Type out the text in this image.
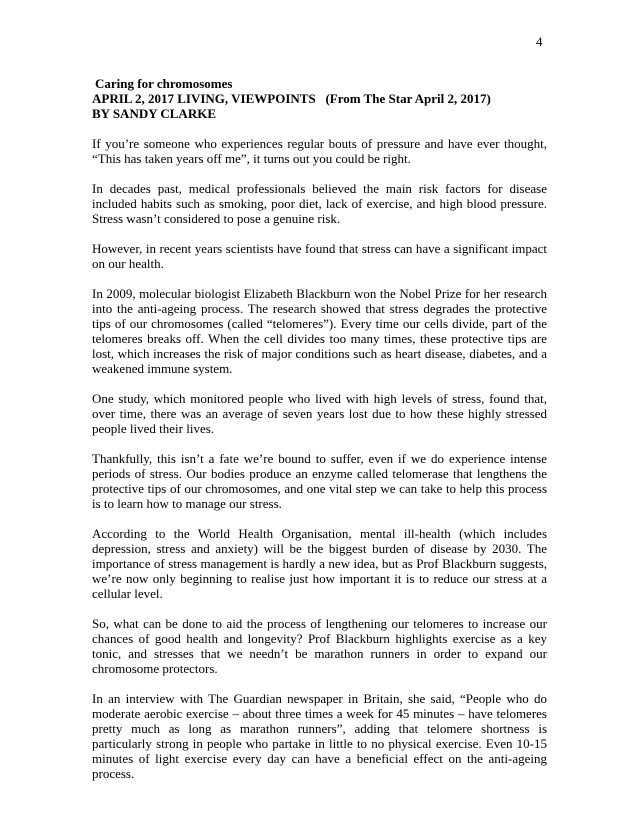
4

Caring for chromosomes

APRIL 2, 2017 LIVING, VIEWPOINTS   (From The Star April 2, 2017)

BY SANDY CLARKE

If you’re someone who experiences regular bouts of pressure and have ever thought, “This has taken years off me”, it turns out you could be right.

In decades past, medical professionals believed the main risk factors for disease included habits such as smoking, poor diet, lack of exercise, and high blood pressure. Stress wasn’t considered to pose a genuine risk.

However, in recent years scientists have found that stress can have a significant impact on our health.

In 2009, molecular biologist Elizabeth Blackburn won the Nobel Prize for her research into the anti-ageing process. The research showed that stress degrades the protective tips of our chromosomes (called “telomeres”). Every time our cells divide, part of the telomeres breaks off. When the cell divides too many times, these protective tips are lost, which increases the risk of major conditions such as heart disease, diabetes, and a weakened immune system.

One study, which monitored people who lived with high levels of stress, found that, over time, there was an average of seven years lost due to how these highly stressed people lived their lives.

Thankfully, this isn’t a fate we’re bound to suffer, even if we do experience intense periods of stress. Our bodies produce an enzyme called telomerase that lengthens the protective tips of our chromosomes, and one vital step we can take to help this process is to learn how to manage our stress.

According to the World Health Organisation, mental ill-health (which includes depression, stress and anxiety) will be the biggest burden of disease by 2030. The importance of stress management is hardly a new idea, but as Prof Blackburn suggests, we’re now only beginning to realise just how important it is to reduce our stress at a cellular level.

So, what can be done to aid the process of lengthening our telomeres to increase our chances of good health and longevity? Prof Blackburn highlights exercise as a key tonic, and stresses that we needn’t be marathon runners in order to expand our chromosome protectors.

In an interview with The Guardian newspaper in Britain, she said, “People who do moderate aerobic exercise – about three times a week for 45 minutes – have telomeres pretty much as long as marathon runners”, adding that telomere shortness is particularly strong in people who partake in little to no physical exercise. Even 10-15 minutes of light exercise every day can have a beneficial effect on the anti-ageing process.
